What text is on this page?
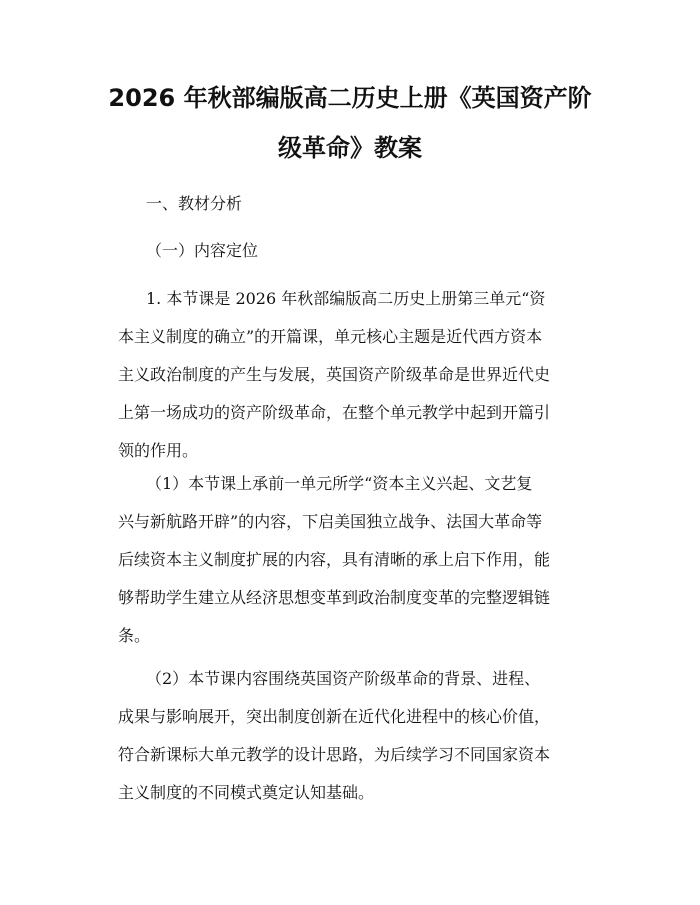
2026 年秋部编版高二历史上册《英国资产阶
级革命》教案

一、教材分析

（一）内容定位

1. 本节课是 2026 年秋部编版高二历史上册第三单元“资
本主义制度的确立”的开篇课，单元核心主题是近代西方资本
主义政治制度的产生与发展，英国资产阶级革命是世界近代史
上第一场成功的资产阶级革命，在整个单元教学中起到开篇引
领的作用。
（1）本节课上承前一单元所学“资本主义兴起、文艺复
兴与新航路开辟”的内容，下启美国独立战争、法国大革命等
后续资本主义制度扩展的内容，具有清晰的承上启下作用，能
够帮助学生建立从经济思想变革到政治制度变革的完整逻辑链
条。
（2）本节课内容围绕英国资产阶级革命的背景、进程、
成果与影响展开，突出制度创新在近代化进程中的核心价值，
符合新课标大单元教学的设计思路，为后续学习不同国家资本
主义制度的不同模式奠定认知基础。
